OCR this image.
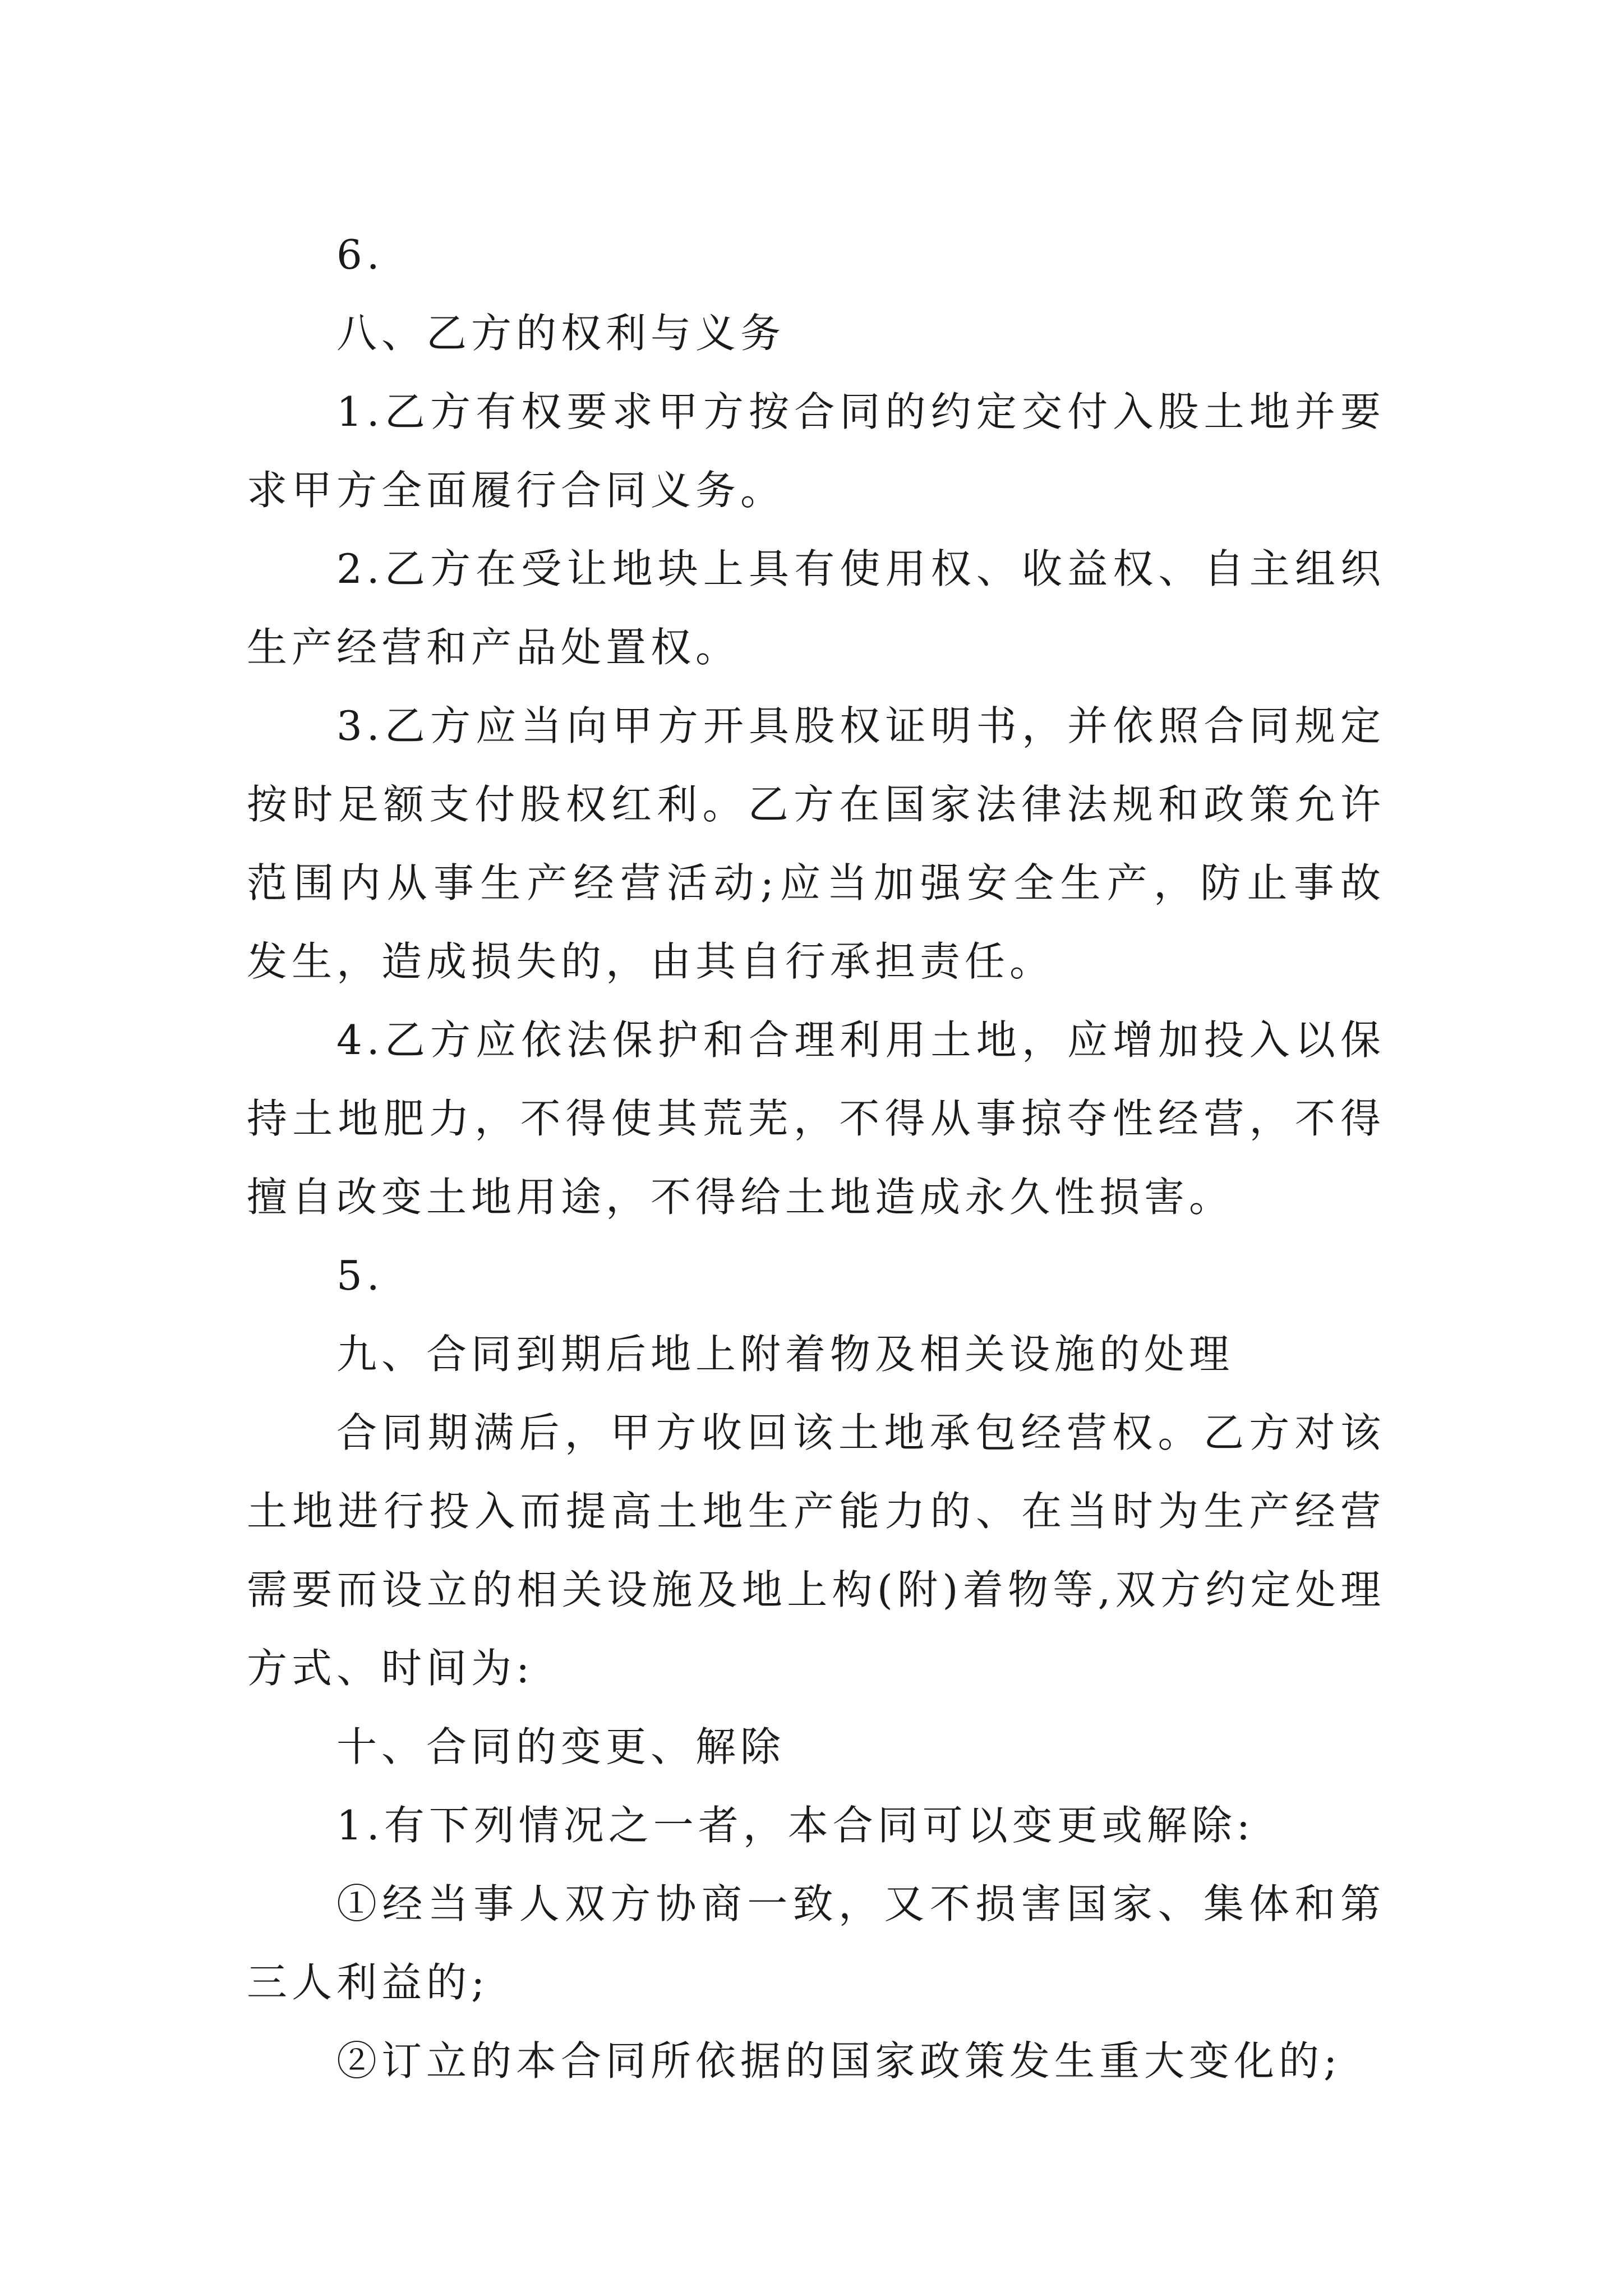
6.

八、乙方的权利与义务

1.乙方有权要求甲方按合同的约定交付入股土地并要求甲方全面履行合同义务。

2.乙方在受让地块上具有使用权、收益权、自主组织生产经营和产品处置权。

3.乙方应当向甲方开具股权证明书，并依照合同规定按时足额支付股权红利。乙方在国家法律法规和政策允许范围内从事生产经营活动;应当加强安全生产，防止事故发生，造成损失的，由其自行承担责任。

4.乙方应依法保护和合理利用土地，应增加投入以保持土地肥力，不得使其荒芜，不得从事掠夺性经营，不得擅自改变土地用途，不得给土地造成永久性损害。

5.

九、合同到期后地上附着物及相关设施的处理

合同期满后，甲方收回该土地承包经营权。乙方对该土地进行投入而提高土地生产能力的、在当时为生产经营需要而设立的相关设施及地上构(附)着物等,双方约定处理方式、时间为:

十、合同的变更、解除

1.有下列情况之一者，本合同可以变更或解除:

①经当事人双方协商一致，又不损害国家、集体和第三人利益的;

②订立的本合同所依据的国家政策发生重大变化的;
